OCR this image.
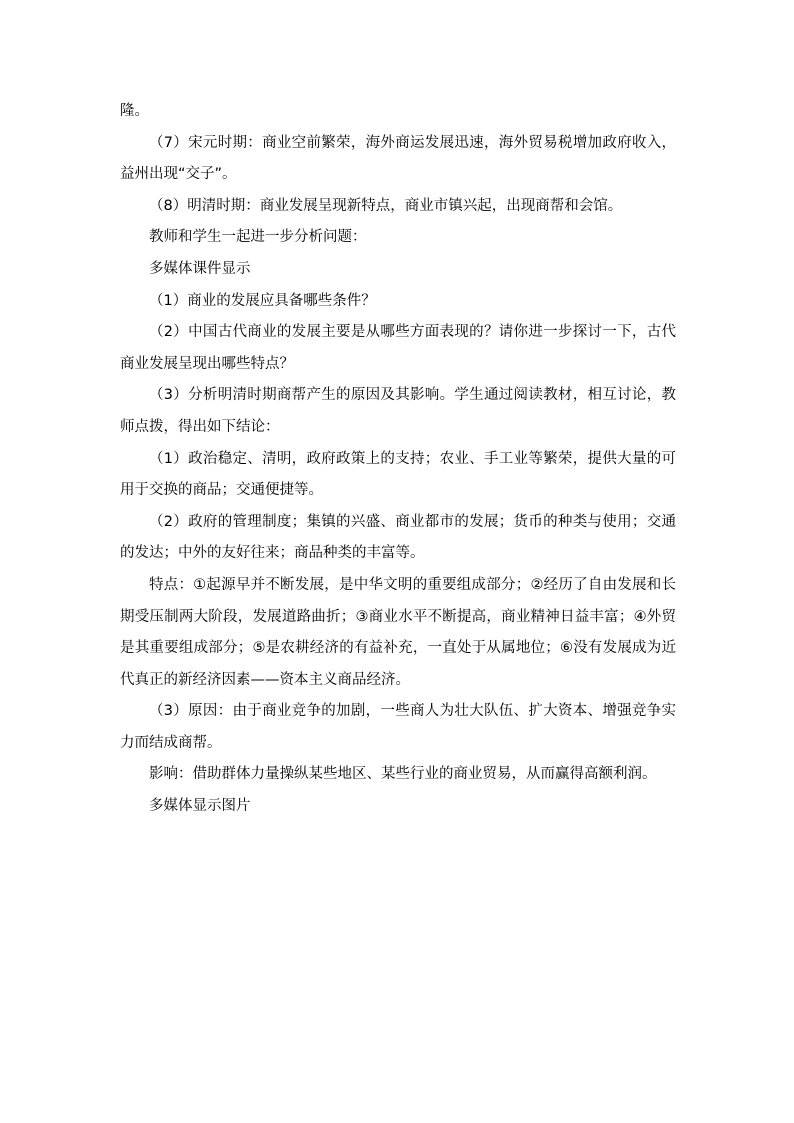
隆。

（7）宋元时期：商业空前繁荣，海外商运发展迅速，海外贸易税增加政府收入，益州出现“交子”。

（8）明清时期：商业发展呈现新特点，商业市镇兴起，出现商帮和会馆。

教师和学生一起进一步分析问题：

多媒体课件显示

（1）商业的发展应具备哪些条件？

（2）中国古代商业的发展主要是从哪些方面表现的？请你进一步探讨一下，古代商业发展呈现出哪些特点？

（3）分析明清时期商帮产生的原因及其影响。学生通过阅读教材，相互讨论，教师点拨，得出如下结论：

（1）政治稳定、清明，政府政策上的支持；农业、手工业等繁荣，提供大量的可用于交换的商品；交通便捷等。

（2）政府的管理制度；集镇的兴盛、商业都市的发展；货币的种类与使用；交通的发达；中外的友好往来；商品种类的丰富等。

特点：①起源早并不断发展，是中华文明的重要组成部分；②经历了自由发展和长期受压制两大阶段，发展道路曲折；③商业水平不断提高，商业精神日益丰富；④外贸是其重要组成部分；⑤是农耕经济的有益补充，一直处于从属地位；⑥没有发展成为近代真正的新经济因素——资本主义商品经济。

（3）原因：由于商业竞争的加剧，一些商人为壮大队伍、扩大资本、增强竞争实力而结成商帮。

影响：借助群体力量操纵某些地区、某些行业的商业贸易，从而赢得高额利润。

多媒体显示图片
